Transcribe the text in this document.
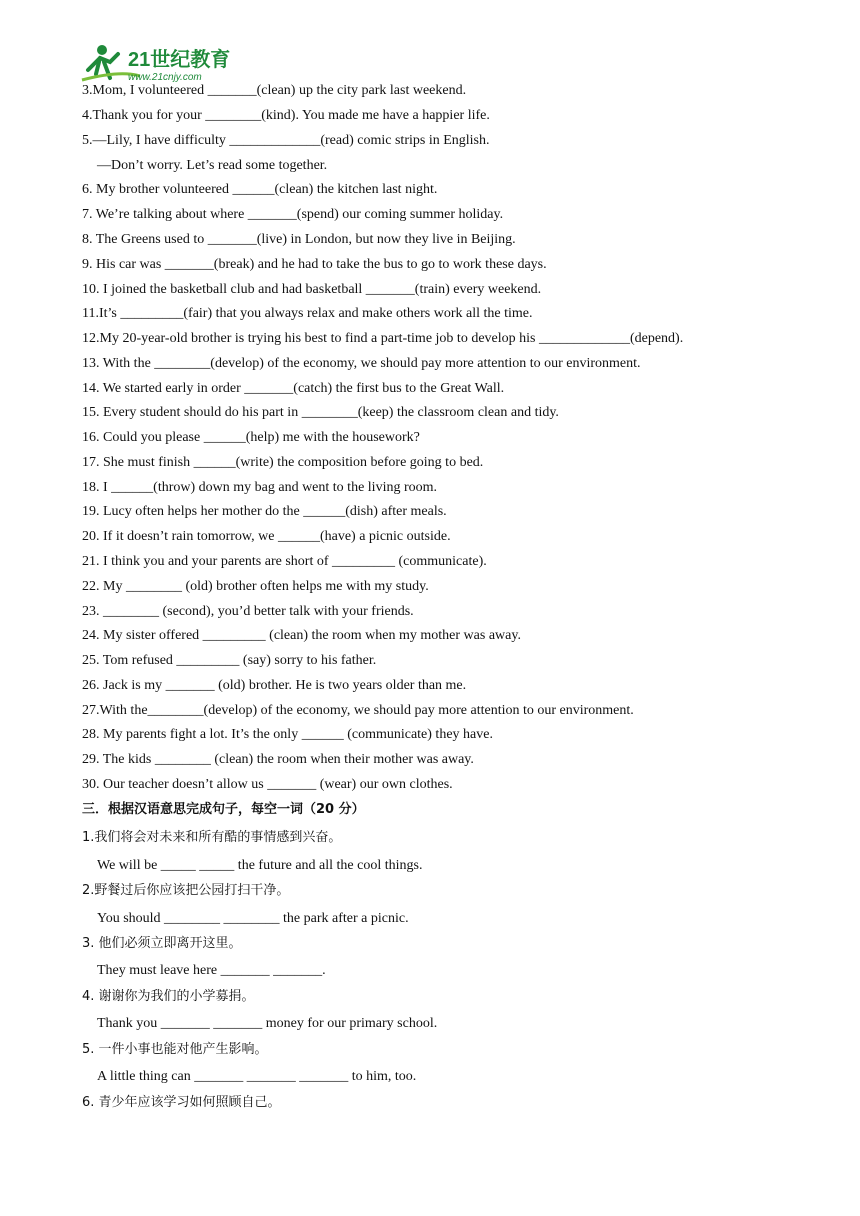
21世纪教育
www.21cnjy.com
3.Mom, I volunteered _______(clean) up the city park last weekend.
4.Thank you for your ________(kind). You made me have a happier life.
5.—Lily, I have difficulty _____________(read) comic strips in English.
—Don’t worry. Let’s read some together.
6. My brother volunteered ______(clean) the kitchen last night.
7. We’re talking about where _______(spend) our coming summer holiday.
8. The Greens used to _______(live) in London, but now they live in Beijing.
9. His car was _______(break) and he had to take the bus to go to work these days.
10. I joined the basketball club and had basketball _______(train) every weekend.
11.It’s _________(fair) that you always relax and make others work all the time.
12.My 20-year-old brother is trying his best to find a part-time job to develop his _____________(depend).
13. With the ________(develop) of the economy, we should pay more attention to our environment.
14. We started early in order _______(catch) the first bus to the Great Wall.
15. Every student should do his part in ________(keep) the classroom clean and tidy.
16. Could you please ______(help) me with the housework?
17. She must finish ______(write) the composition before going to bed.
18. I ______(throw) down my bag and went to the living room.
19. Lucy often helps her mother do the ______(dish) after meals.
20. If it doesn’t rain tomorrow, we ______(have) a picnic outside.
21. I think you and your parents are short of _________ (communicate).
22. My ________ (old) brother often helps me with my study.
23. ________ (second), you’d better talk with your friends.
24. My sister offered _________ (clean) the room when my mother was away.
25. Tom refused _________ (say) sorry to his father.
26. Jack is my _______ (old) brother. He is two years older than me.
27.With the________(develop) of the economy, we should pay more attention to our environment.
28. My parents fight a lot. It’s the only ______ (communicate) they have.
29. The kids ________ (clean) the room when their mother was away.
30. Our teacher doesn’t allow us _______ (wear) our own clothes.
三．根据汉语意思完成句子，每空一词（20 分）
1.我们将会对未来和所有酷的事情感到兴奋。
We will be _____ _____ the future and all the cool things.
2.野餐过后你应该把公园打扫干净。
You should ________ ________ the park after a picnic.
3. 他们必须立即离开这里。
They must leave here _______ _______.
4. 谢谢你为我们的小学募捐。
Thank you _______ _______ money for our primary school.
5. 一件小事也能对他产生影响。
A little thing can _______ _______ _______ to him, too.
6. 青少年应该学习如何照顾自己。
